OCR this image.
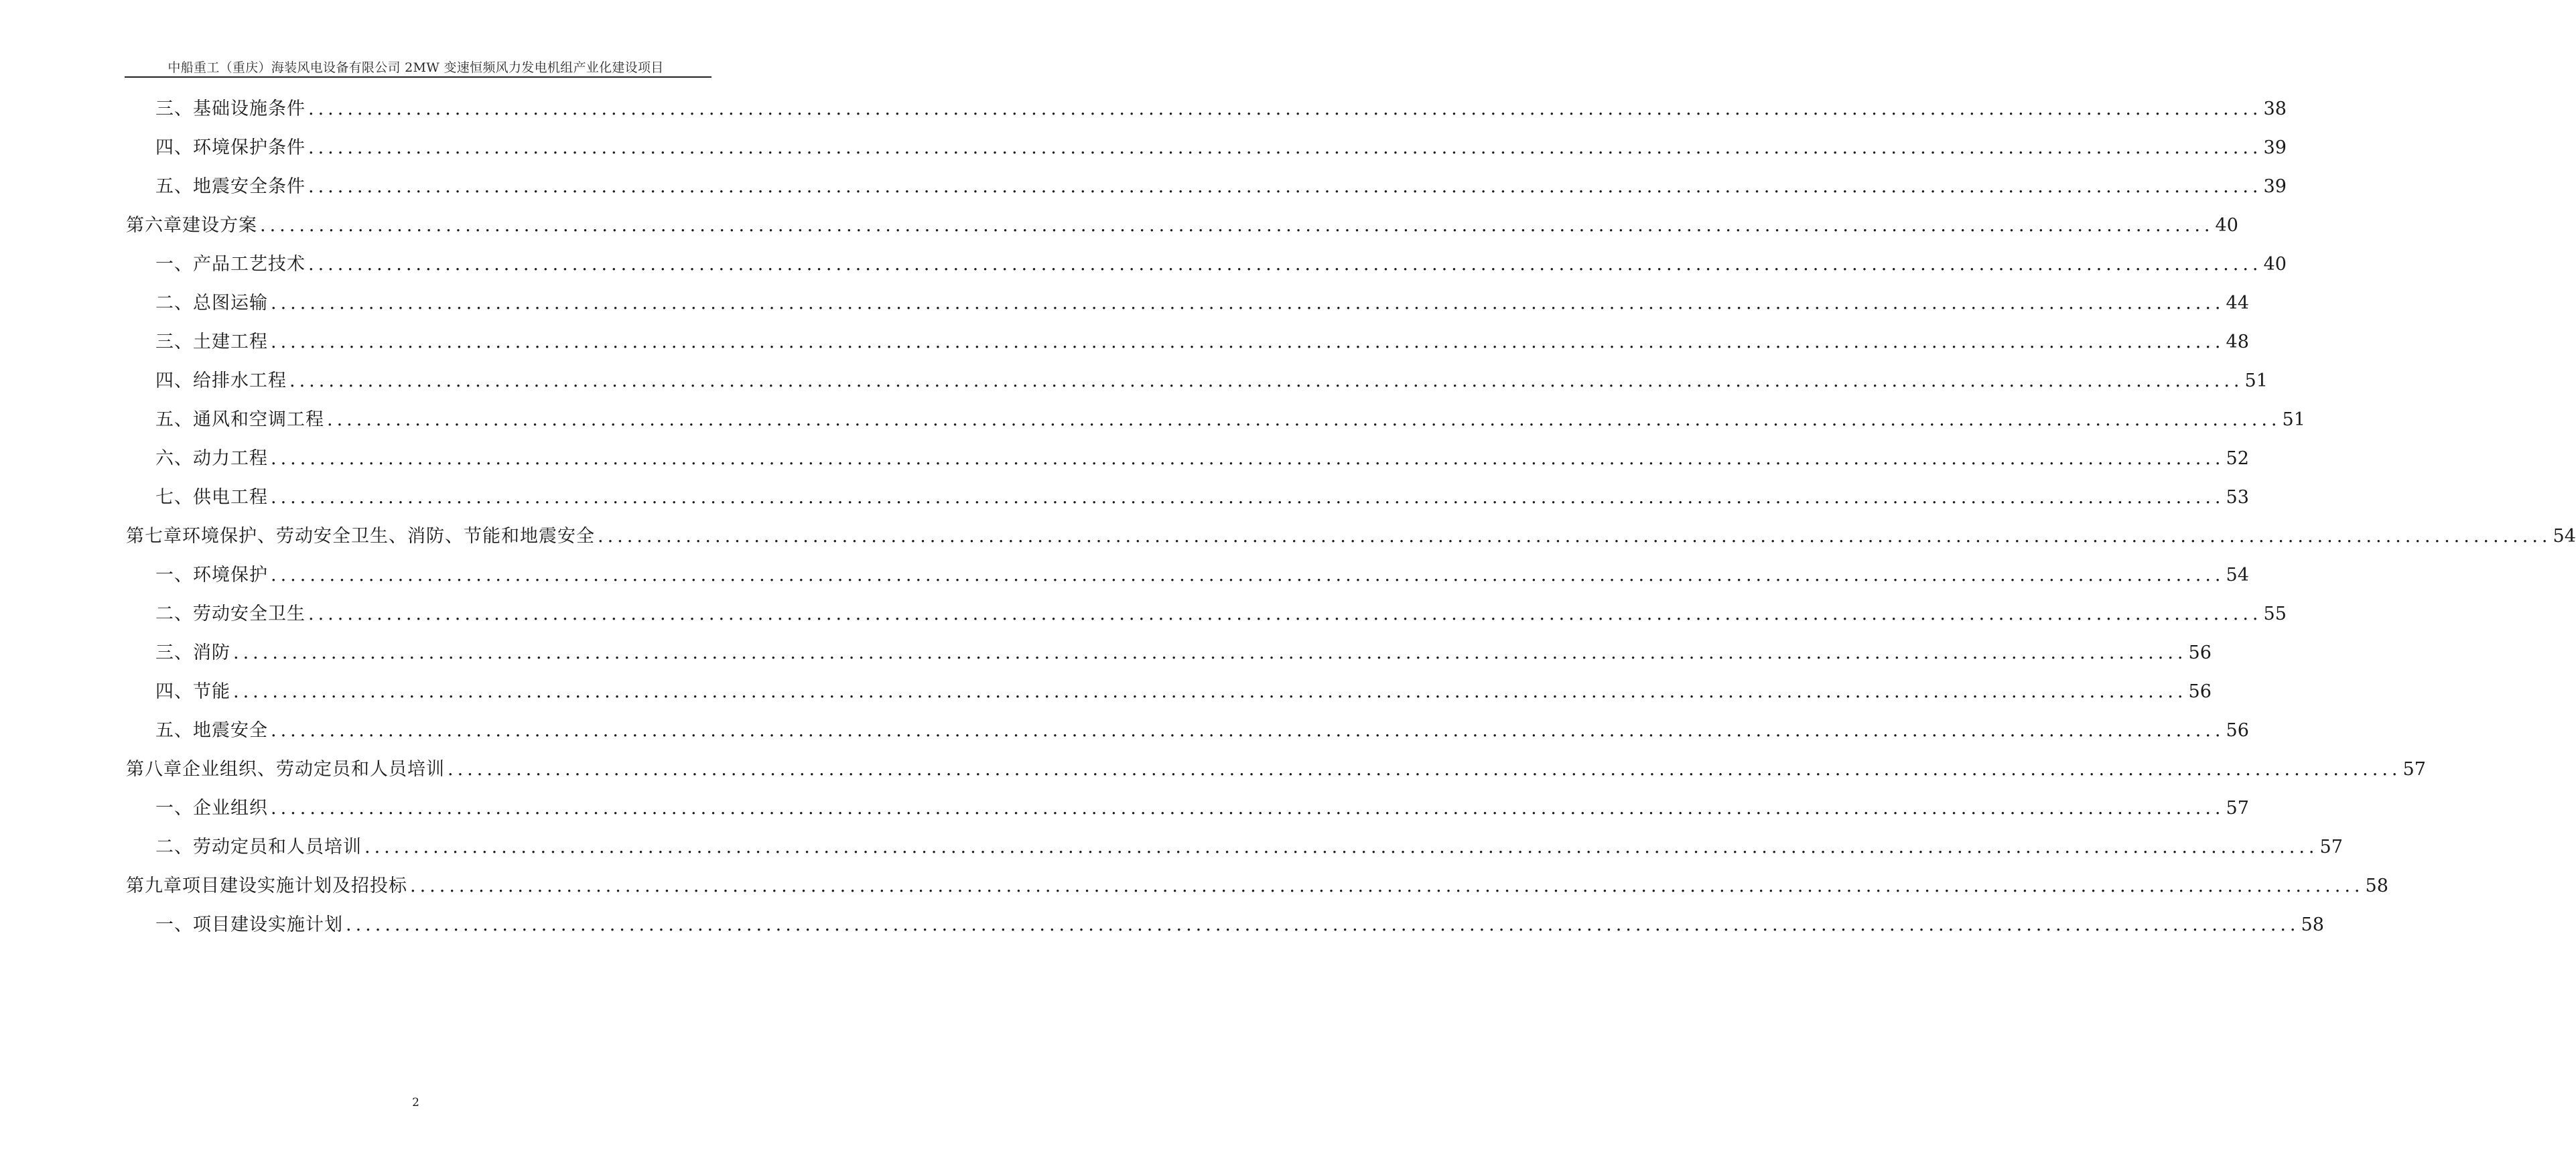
中船重工（重庆）海装风电设备有限公司 2MW 变速恒频风力发电机组产业化建设项目
三、基础设施条件 ........................................................................................................................................................................................................ 38
四、环境保护条件 ........................................................................................................................................................................................................ 39
五、地震安全条件 ........................................................................................................................................................................................................ 39
第六章 建设方案 ........................................................................................................................................................................................................ 40
一、产品工艺技术 ........................................................................................................................................................................................................ 40
二、总图运输 ........................................................................................................................................................................................................ 44
三、土建工程 ........................................................................................................................................................................................................ 48
四、给排水工程 ........................................................................................................................................................................................................ 51
五、通风和空调工程 ........................................................................................................................................................................................................ 51
六、动力工程 ........................................................................................................................................................................................................ 52
七、供电工程 ........................................................................................................................................................................................................ 53
第七章 环境保护、劳动安全卫生、消防、节能和地震安全 ........................................................................................................................................................................................................ 54
一、环境保护 ........................................................................................................................................................................................................ 54
二、劳动安全卫生 ........................................................................................................................................................................................................ 55
三、消防 ........................................................................................................................................................................................................ 56
四、节能 ........................................................................................................................................................................................................ 56
五、地震安全 ........................................................................................................................................................................................................ 56
第八章 企业组织、劳动定员和人员培训 ........................................................................................................................................................................................................ 57
一、企业组织 ........................................................................................................................................................................................................ 57
二、劳动定员和人员培训 ........................................................................................................................................................................................................ 57
第九章 项目建设实施计划及招投标 ........................................................................................................................................................................................................ 58
一、项目建设实施计划 ........................................................................................................................................................................................................ 58
2
